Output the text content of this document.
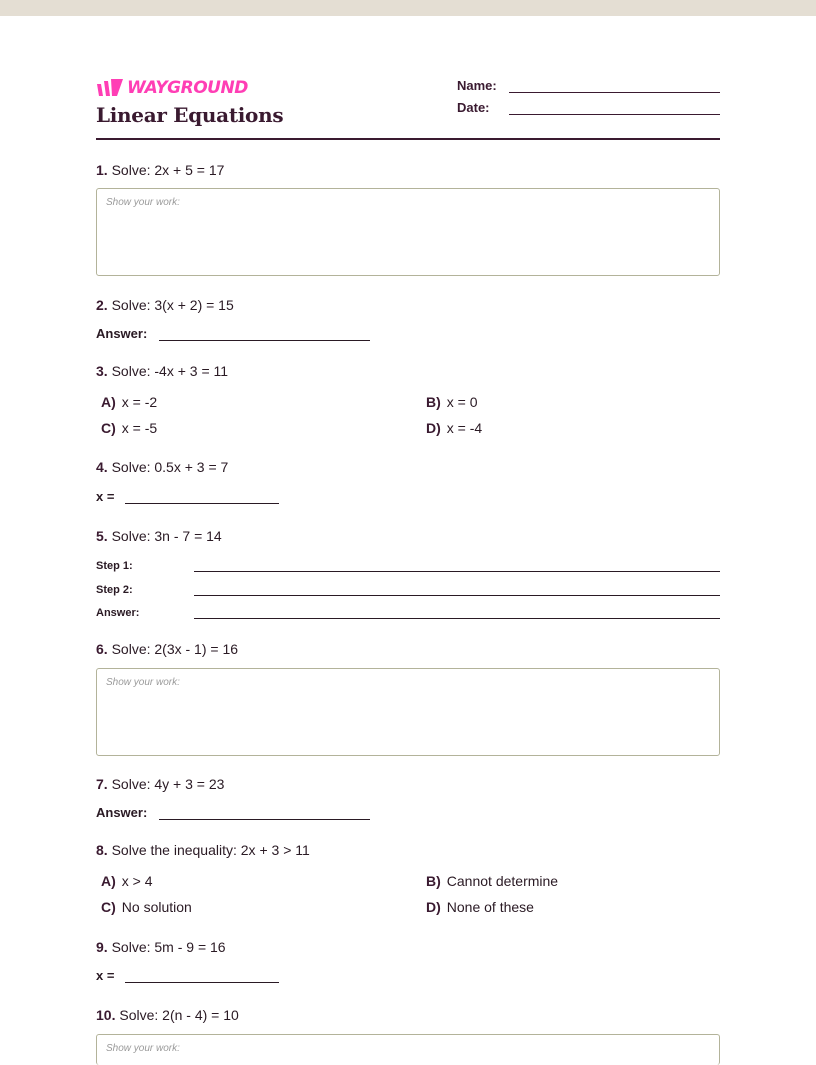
WAYGROUND
Linear Equations
Name:
Date:
1. Solve: 2x + 5 = 17
Show your work:
2. Solve: 3(x + 2) = 15
Answer:
3. Solve: -4x + 3 = 11
A) x = -2	B) x = 0
C) x = -5	D) x = -4
4. Solve: 0.5x + 3 = 7
x =
5. Solve: 3n - 7 = 14
Step 1:
Step 2:
Answer:
6. Solve: 2(3x - 1) = 16
Show your work:
7. Solve: 4y + 3 = 23
Answer:
8. Solve the inequality: 2x + 3 > 11
A) x > 4	B) Cannot determine
C) No solution	D) None of these
9. Solve: 5m - 9 = 16
x =
10. Solve: 2(n - 4) = 10
Show your work:
